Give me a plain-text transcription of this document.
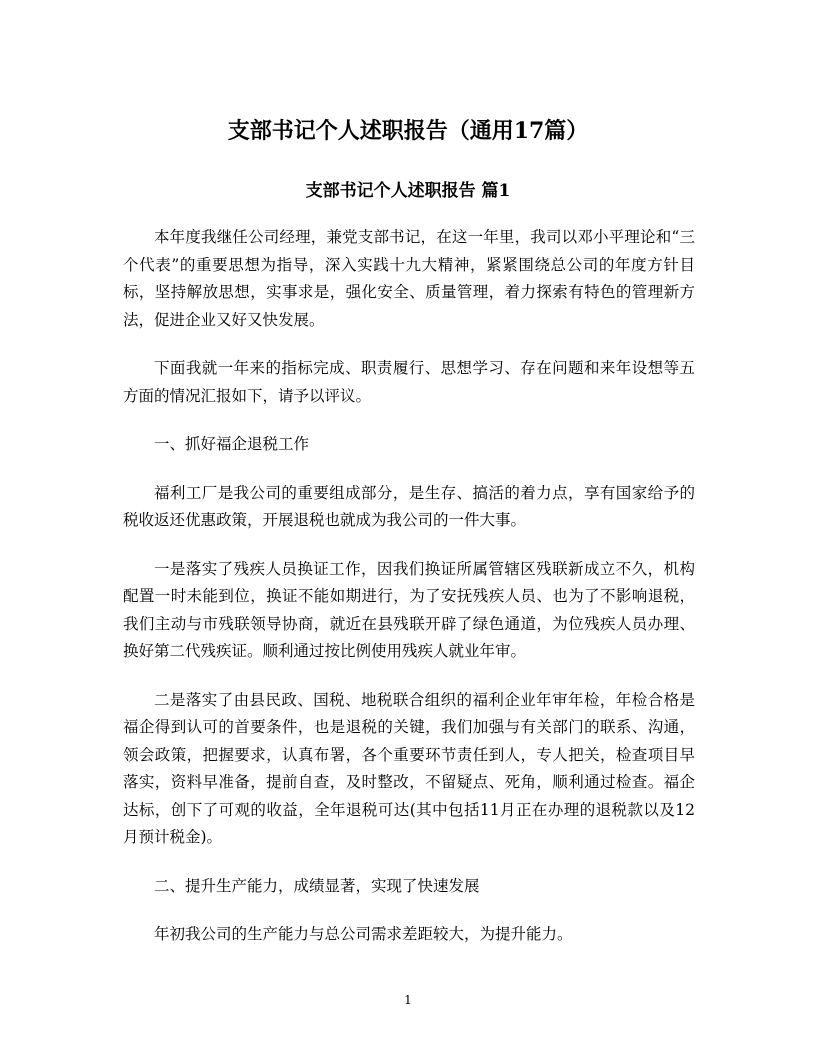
支部书记个人述职报告（通用17篇）
支部书记个人述职报告 篇1

本年度我继任公司经理，兼党支部书记，在这一年里，我司以邓小平理论和“三个代表”的重要思想为指导，深入实践十九大精神，紧紧围绕总公司的年度方针目标，坚持解放思想，实事求是，强化安全、质量管理，着力探索有特色的管理新方法，促进企业又好又快发展。

下面我就一年来的指标完成、职责履行、思想学习、存在问题和来年设想等五方面的情况汇报如下，请予以评议。

一、抓好福企退税工作

福利工厂是我公司的重要组成部分，是生存、搞活的着力点，享有国家给予的税收返还优惠政策，开展退税也就成为我公司的一件大事。

一是落实了残疾人员换证工作，因我们换证所属管辖区残联新成立不久，机构配置一时未能到位，换证不能如期进行，为了安抚残疾人员、也为了不影响退税，我们主动与市残联领导协商，就近在县残联开辟了绿色通道，为位残疾人员办理、换好第二代残疾证。顺利通过按比例使用残疾人就业年审。

二是落实了由县民政、国税、地税联合组织的福利企业年审年检，年检合格是福企得到认可的首要条件，也是退税的关键，我们加强与有关部门的联系、沟通，领会政策，把握要求，认真布署，各个重要环节责任到人，专人把关，检查项目早落实，资料早准备，提前自查，及时整改，不留疑点、死角，顺利通过检查。福企达标，创下了可观的收益，全年退税可达(其中包括11月正在办理的退税款以及12月预计税金)。

二、提升生产能力，成绩显著，实现了快速发展

年初我公司的生产能力与总公司需求差距较大，为提升能力。

1
